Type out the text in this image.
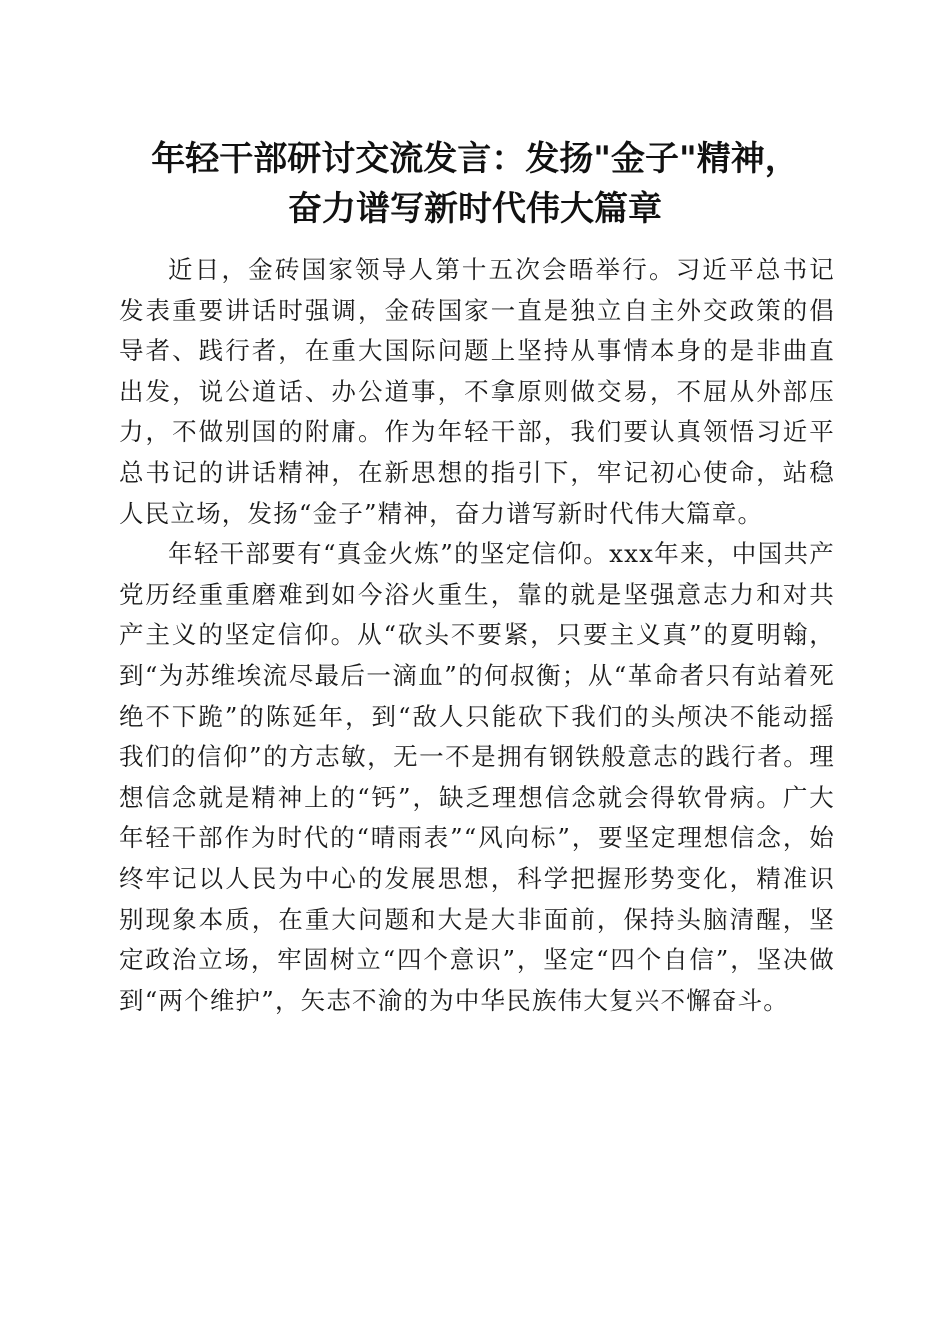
年轻干部研讨交流发言：发扬"金子"精神，
奋力谱写新时代伟大篇章

近日，金砖国家领导人第十五次会晤举行。习近平总书记发表重要讲话时强调，金砖国家一直是独立自主外交政策的倡导者、践行者，在重大国际问题上坚持从事情本身的是非曲直出发，说公道话、办公道事，不拿原则做交易，不屈从外部压力，不做别国的附庸。作为年轻干部，我们要认真领悟习近平总书记的讲话精神，在新思想的指引下，牢记初心使命，站稳人民立场，发扬“金子”精神，奋力谱写新时代伟大篇章。

年轻干部要有“真金火炼”的坚定信仰。xxx年来，中国共产党历经重重磨难到如今浴火重生，靠的就是坚强意志力和对共产主义的坚定信仰。从“砍头不要紧，只要主义真”的夏明翰，到“为苏维埃流尽最后一滴血”的何叔衡；从“革命者只有站着死绝不下跪”的陈延年，到“敌人只能砍下我们的头颅决不能动摇我们的信仰”的方志敏，无一不是拥有钢铁般意志的践行者。理想信念就是精神上的“钙”，缺乏理想信念就会得软骨病。广大年轻干部作为时代的“晴雨表”“风向标”，要坚定理想信念，始终牢记以人民为中心的发展思想，科学把握形势变化，精准识别现象本质，在重大问题和大是大非面前，保持头脑清醒，坚定政治立场，牢固树立“四个意识”，坚定“四个自信”，坚决做到“两个维护”，矢志不渝的为中华民族伟大复兴不懈奋斗。
